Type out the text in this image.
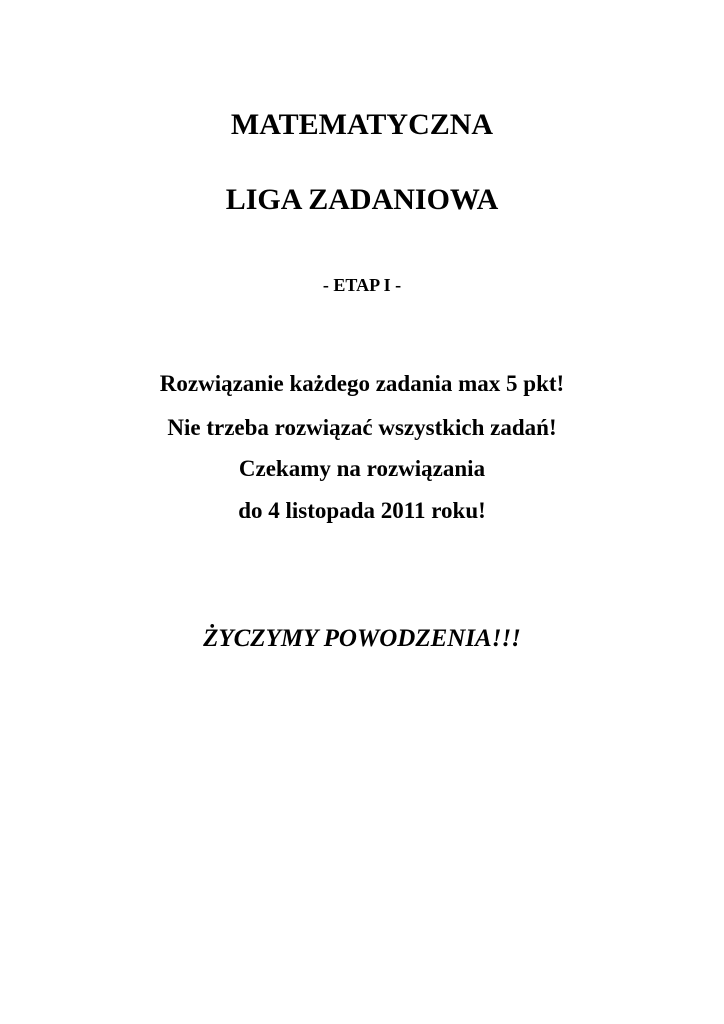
MATEMATYCZNA
LIGA ZADANIOWA
- ETAP I -
Rozwiązanie każdego zadania max 5 pkt!
Nie trzeba rozwiązać wszystkich zadań!
Czekamy na rozwiązania
do 4 listopada 2011 roku!
ŻYCZYMY POWODZENIA!!!
